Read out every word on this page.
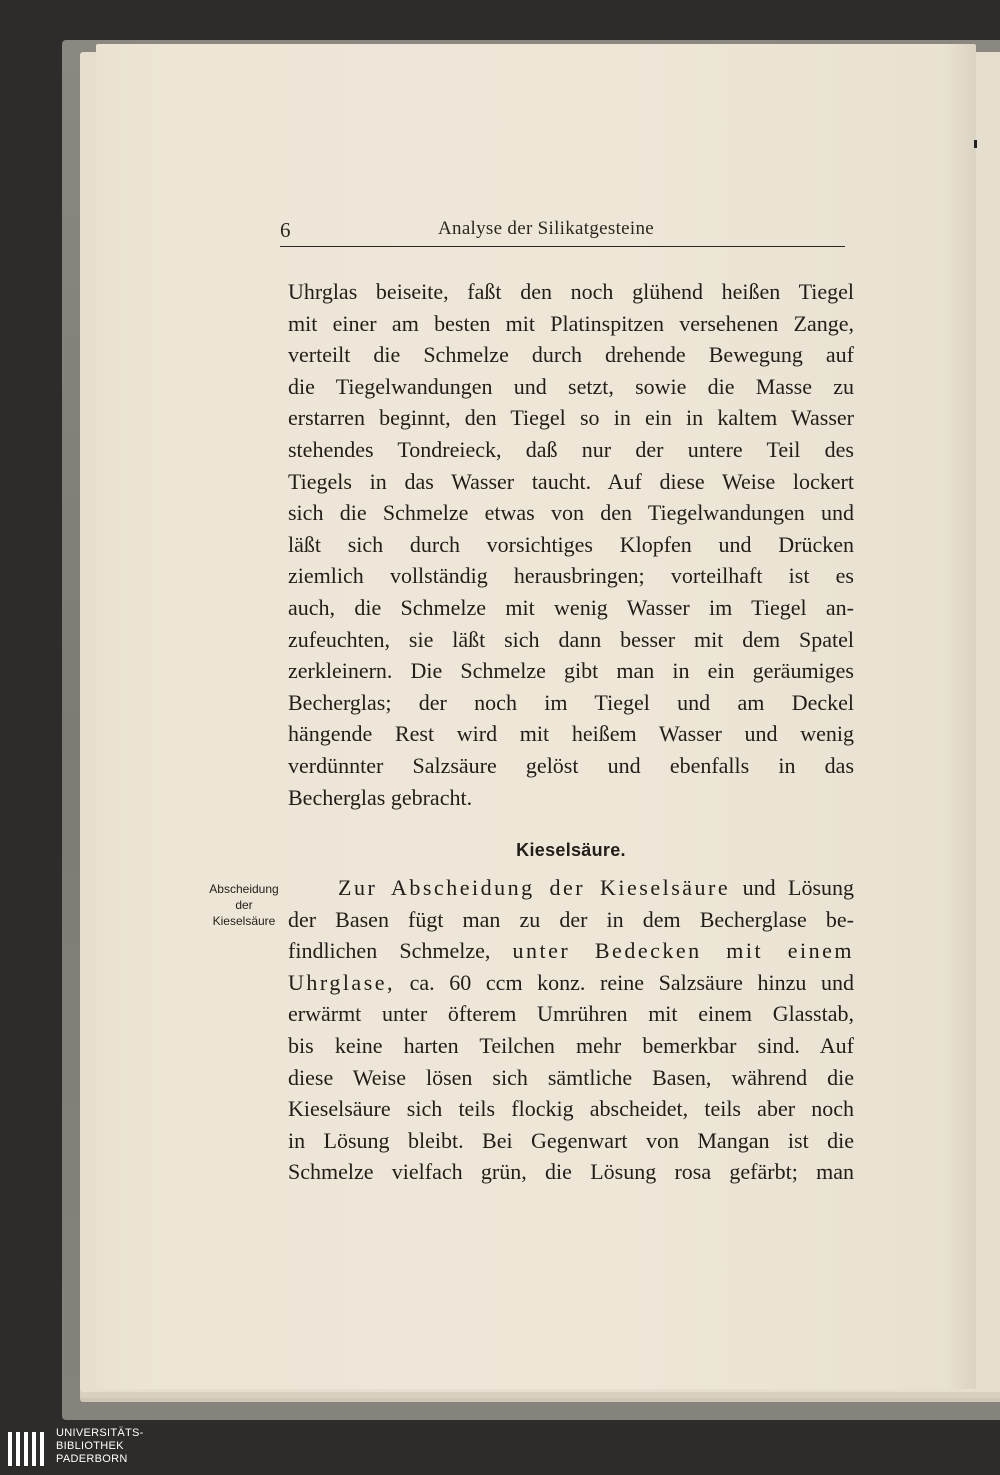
6	Analyse der Silikatgesteine
Uhrglas beiseite, faßt den noch glühend heißen Tiegel
mit einer am besten mit Platinspitzen versehenen Zange,
verteilt die Schmelze durch drehende Bewegung auf
die Tiegelwandungen und setzt, sowie die Masse zu
erstarren beginnt, den Tiegel so in ein in kaltem Wasser
stehendes Tondreieck, daß nur der untere Teil des
Tiegels in das Wasser taucht. Auf diese Weise lockert
sich die Schmelze etwas von den Tiegelwandungen und
läßt sich durch vorsichtiges Klopfen und Drücken
ziemlich vollständig herausbringen; vorteilhaft ist es
auch, die Schmelze mit wenig Wasser im Tiegel an-
zufeuchten, sie läßt sich dann besser mit dem Spatel
zerkleinern. Die Schmelze gibt man in ein geräumiges
Becherglas; der noch im Tiegel und am Deckel
hängende Rest wird mit heißem Wasser und wenig
verdünnter Salzsäure gelöst und ebenfalls in das
Becherglas gebracht.
Kieselsäure.
Abscheidung
der
Kieselsäure
Zur Abscheidung der Kieselsäure und Lösung
der Basen fügt man zu der in dem Becherglase be-
findlichen Schmelze, unter Bedecken mit einem
Uhrglase, ca. 60 ccm konz. reine Salzsäure hinzu und
erwärmt unter öfterem Umrühren mit einem Glasstab,
bis keine harten Teilchen mehr bemerkbar sind. Auf
diese Weise lösen sich sämtliche Basen, während die
Kieselsäure sich teils flockig abscheidet, teils aber noch
in Lösung bleibt. Bei Gegenwart von Mangan ist die
Schmelze vielfach grün, die Lösung rosa gefärbt; man
UNIVERSITÄTS-
BIBLIOTHEK
PADERBORN
